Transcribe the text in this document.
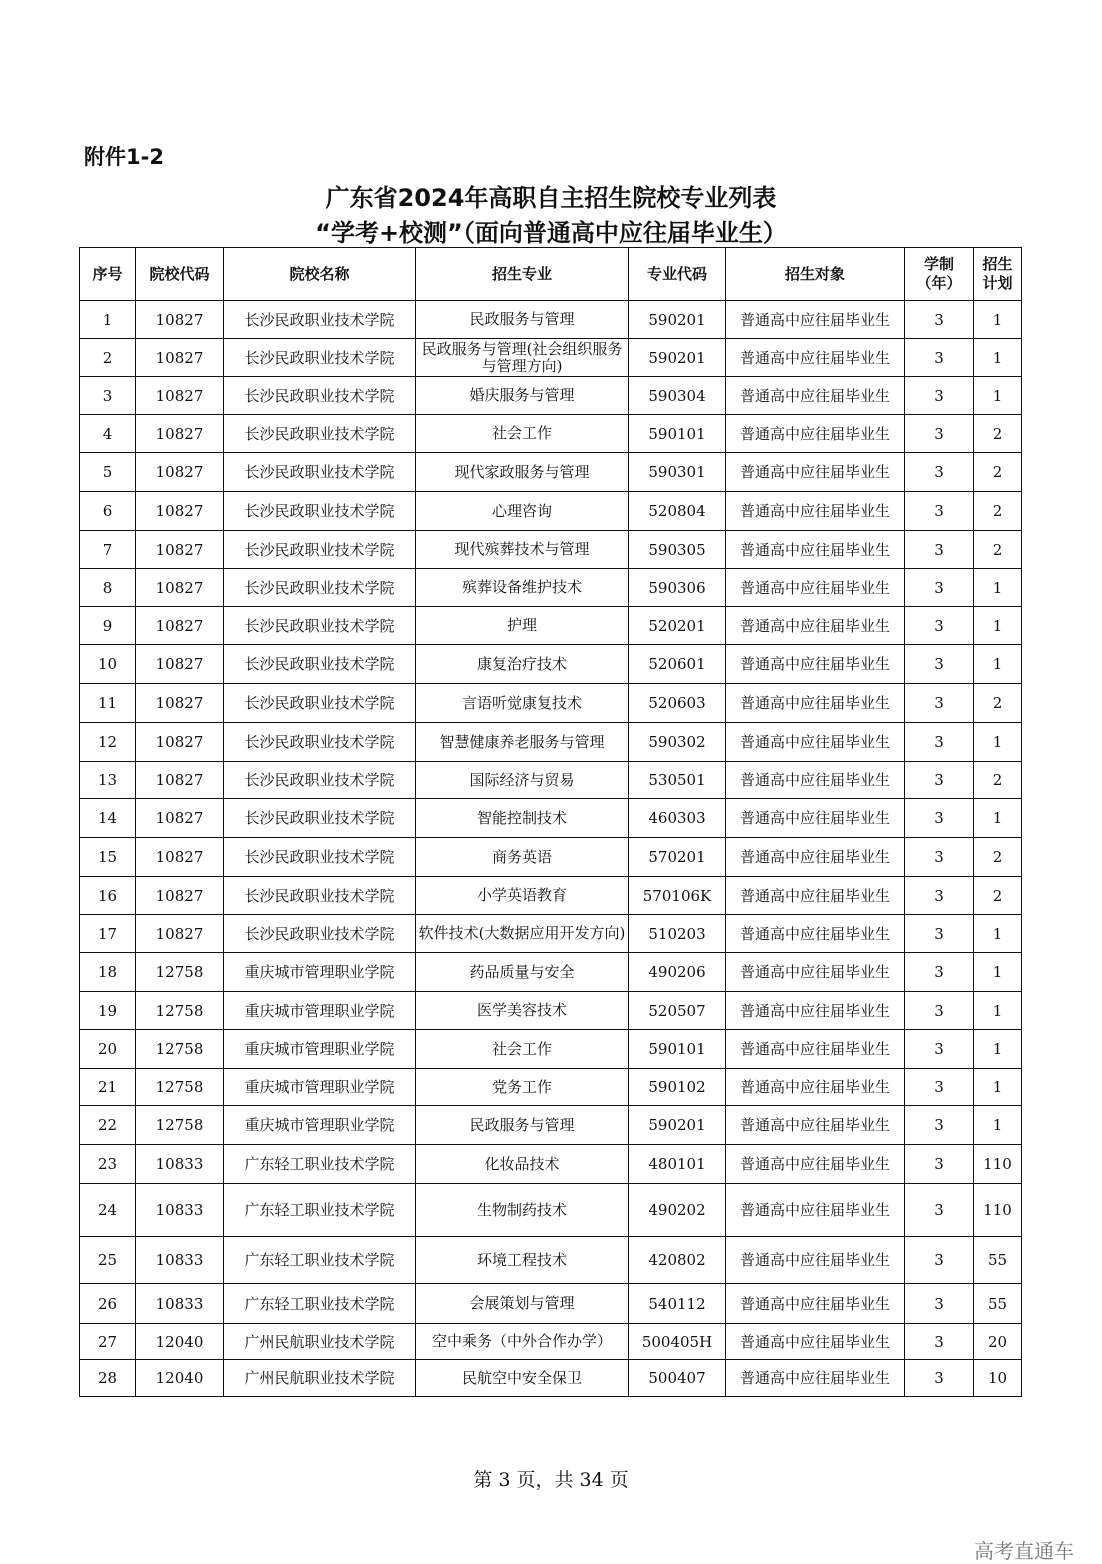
附件1-2
广东省2024年高职自主招生院校专业列表
“学考+校测”（面向普通高中应往届毕业生）
序号	院校代码	院校名称	招生专业	专业代码	招生对象	学制（年）	招生计划
1	10827	长沙民政职业技术学院	民政服务与管理	590201	普通高中应往届毕业生	3	1
2	10827	长沙民政职业技术学院	民政服务与管理(社会组织服务与管理方向)	590201	普通高中应往届毕业生	3	1
3	10827	长沙民政职业技术学院	婚庆服务与管理	590304	普通高中应往届毕业生	3	1
4	10827	长沙民政职业技术学院	社会工作	590101	普通高中应往届毕业生	3	2
5	10827	长沙民政职业技术学院	现代家政服务与管理	590301	普通高中应往届毕业生	3	2
6	10827	长沙民政职业技术学院	心理咨询	520804	普通高中应往届毕业生	3	2
7	10827	长沙民政职业技术学院	现代殡葬技术与管理	590305	普通高中应往届毕业生	3	2
8	10827	长沙民政职业技术学院	殡葬设备维护技术	590306	普通高中应往届毕业生	3	1
9	10827	长沙民政职业技术学院	护理	520201	普通高中应往届毕业生	3	1
10	10827	长沙民政职业技术学院	康复治疗技术	520601	普通高中应往届毕业生	3	1
11	10827	长沙民政职业技术学院	言语听觉康复技术	520603	普通高中应往届毕业生	3	2
12	10827	长沙民政职业技术学院	智慧健康养老服务与管理	590302	普通高中应往届毕业生	3	1
13	10827	长沙民政职业技术学院	国际经济与贸易	530501	普通高中应往届毕业生	3	2
14	10827	长沙民政职业技术学院	智能控制技术	460303	普通高中应往届毕业生	3	1
15	10827	长沙民政职业技术学院	商务英语	570201	普通高中应往届毕业生	3	2
16	10827	长沙民政职业技术学院	小学英语教育	570106K	普通高中应往届毕业生	3	2
17	10827	长沙民政职业技术学院	软件技术(大数据应用开发方向)	510203	普通高中应往届毕业生	3	1
18	12758	重庆城市管理职业学院	药品质量与安全	490206	普通高中应往届毕业生	3	1
19	12758	重庆城市管理职业学院	医学美容技术	520507	普通高中应往届毕业生	3	1
20	12758	重庆城市管理职业学院	社会工作	590101	普通高中应往届毕业生	3	1
21	12758	重庆城市管理职业学院	党务工作	590102	普通高中应往届毕业生	3	1
22	12758	重庆城市管理职业学院	民政服务与管理	590201	普通高中应往届毕业生	3	1
23	10833	广东轻工职业技术学院	化妆品技术	480101	普通高中应往届毕业生	3	110
24	10833	广东轻工职业技术学院	生物制药技术	490202	普通高中应往届毕业生	3	110
25	10833	广东轻工职业技术学院	环境工程技术	420802	普通高中应往届毕业生	3	55
26	10833	广东轻工职业技术学院	会展策划与管理	540112	普通高中应往届毕业生	3	55
27	12040	广州民航职业技术学院	空中乘务（中外合作办学）	500405H	普通高中应往届毕业生	3	20
28	12040	广州民航职业技术学院	民航空中安全保卫	500407	普通高中应往届毕业生	3	10
第 3 页，共 34 页
高考直通车
